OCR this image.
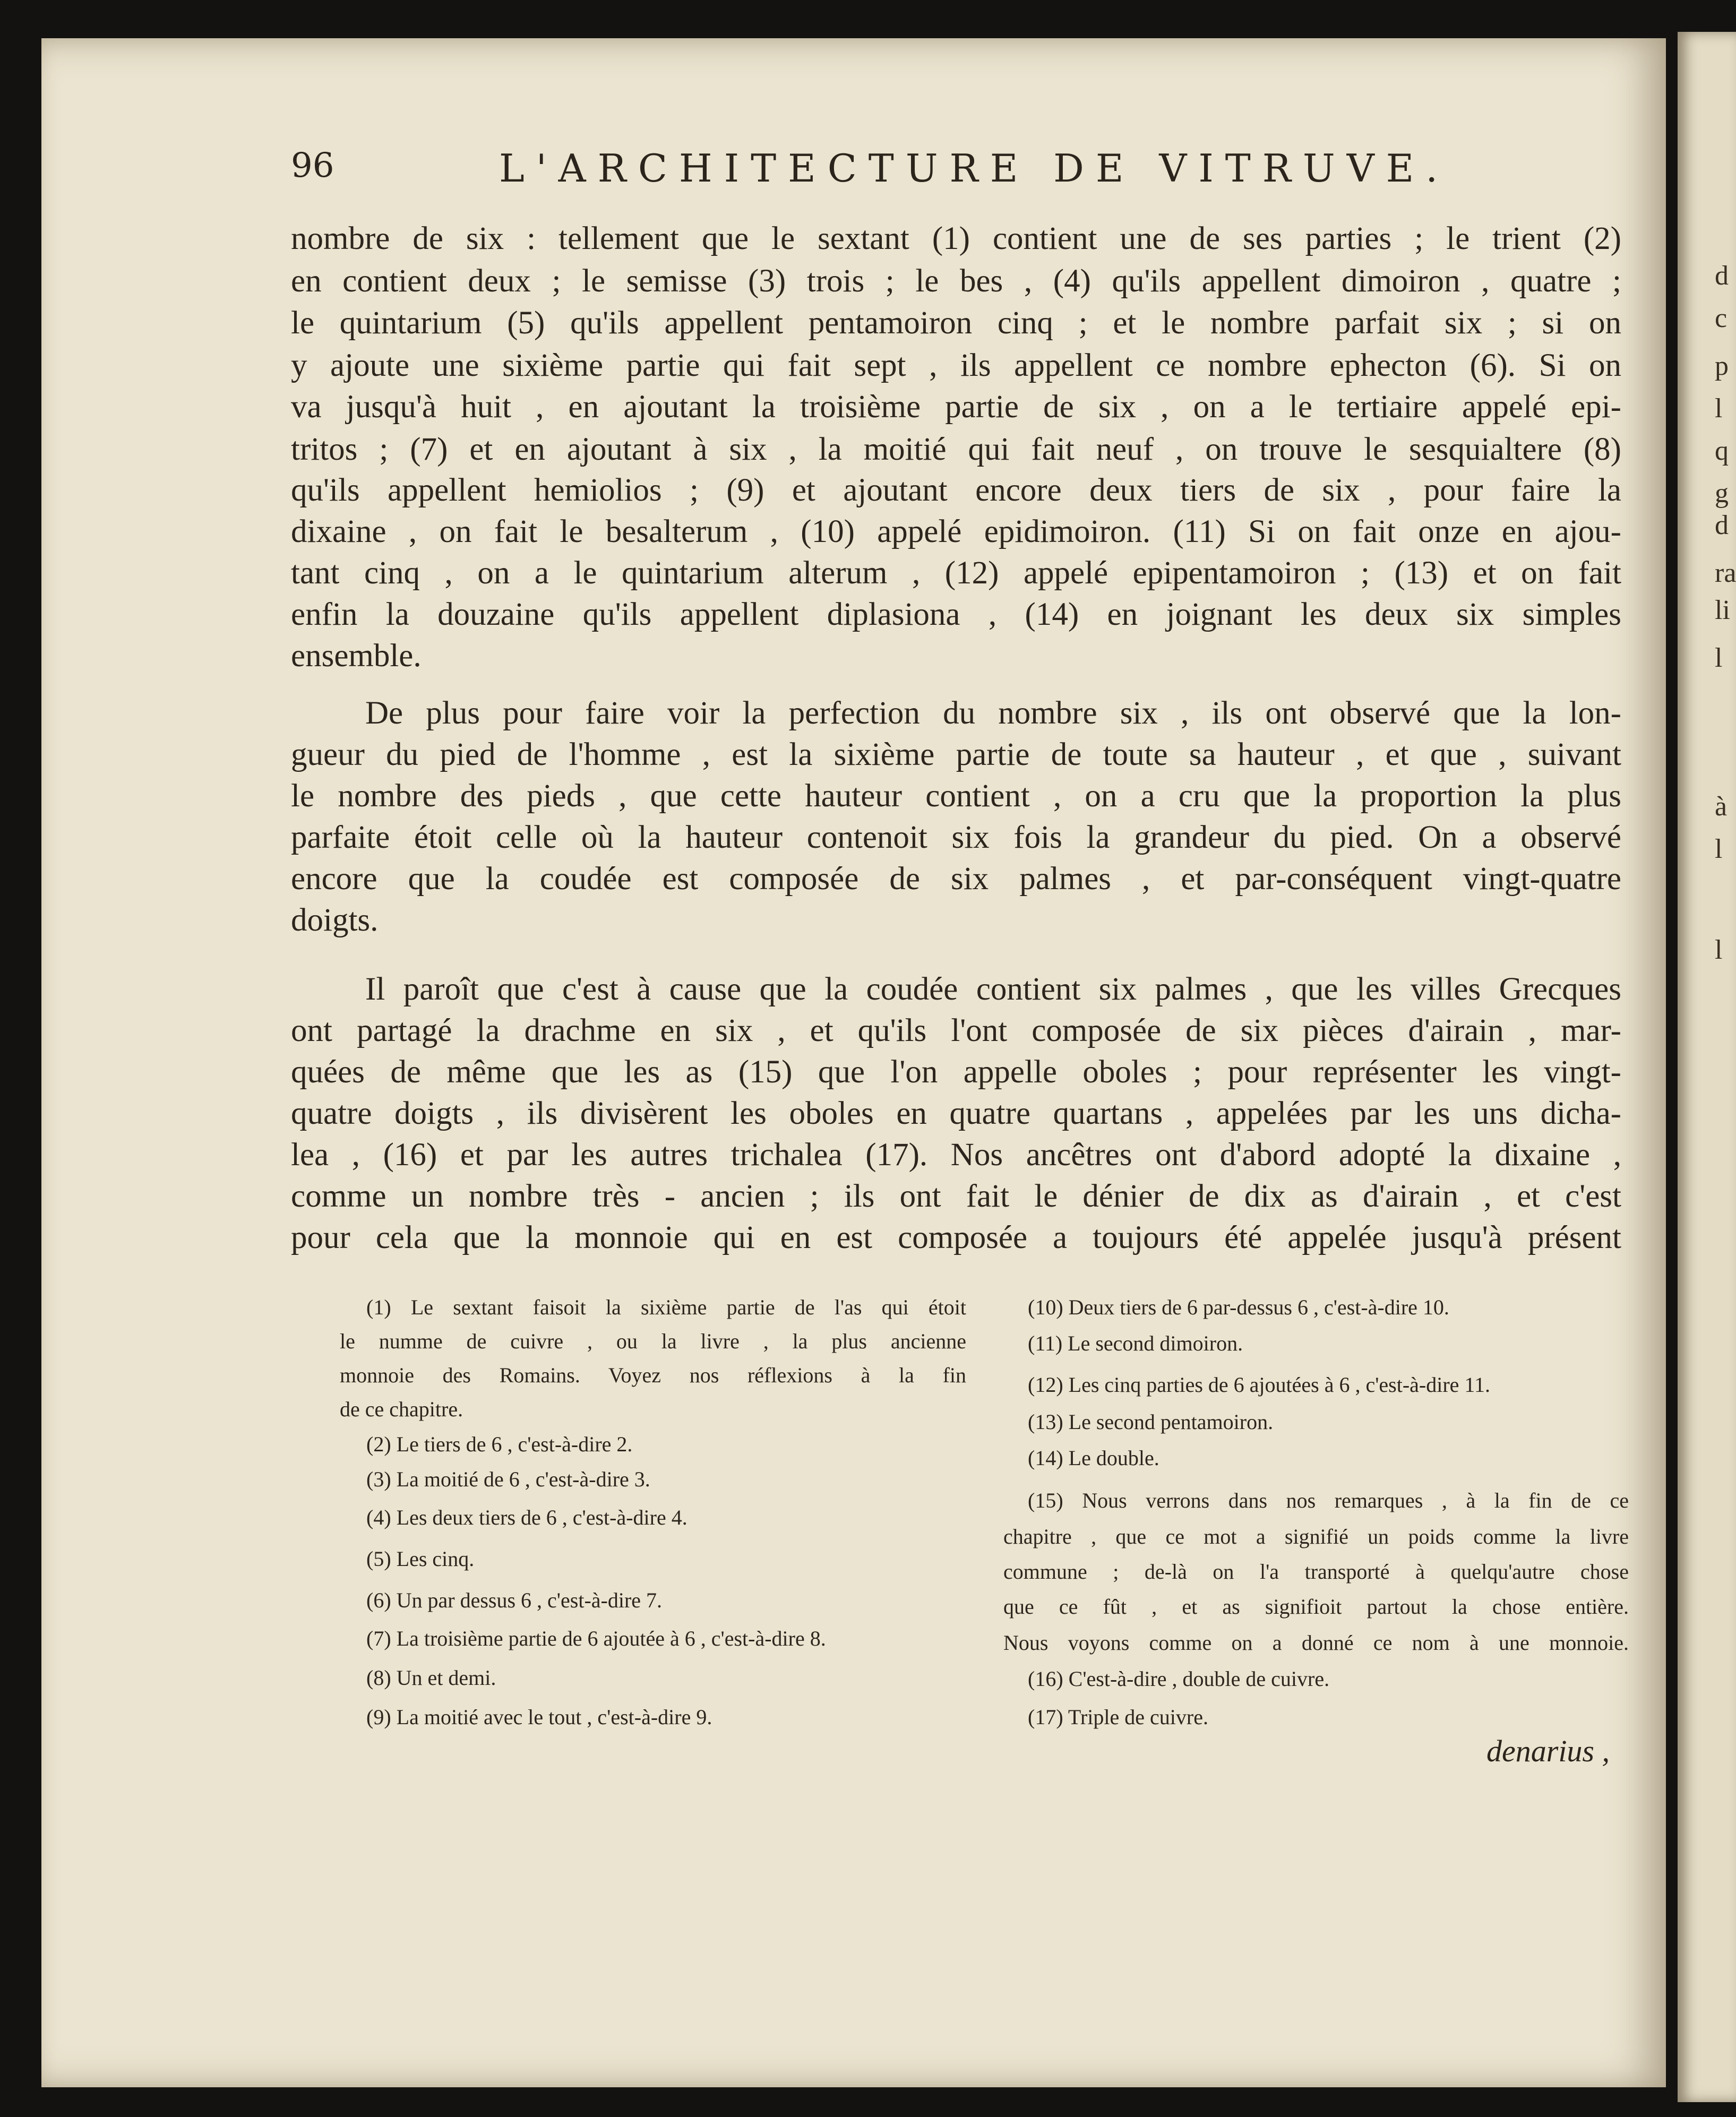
d
c
p
l
q
g
d
ra
li
l
à
l
l
96	L'ARCHITECTURE DE VITRUVE.
nombre de six : tellement que le sextant (1) contient une de ses parties ; le trient (2)
en contient deux ; le semisse (3) trois ; le bes , (4) qu'ils appellent dimoiron , quatre ;
le quintarium (5) qu'ils appellent pentamoiron cinq ; et le nombre parfait six ; si on
y ajoute une sixième partie qui fait sept , ils appellent ce nombre ephecton (6). Si on
va jusqu'à huit , en ajoutant la troisième partie de six , on a le tertiaire appelé epi-
tritos ; (7) et en ajoutant à six , la moitié qui fait neuf , on trouve le sesquialtere (8)
qu'ils appellent hemiolios ; (9) et ajoutant encore deux tiers de six , pour faire la
dixaine , on fait le besalterum , (10) appelé epidimoiron. (11) Si on fait onze en ajou-
tant cinq , on a le quintarium alterum , (12) appelé epipentamoiron ; (13) et on fait
enfin la douzaine qu'ils appellent diplasiona , (14) en joignant les deux six simples
ensemble.
De plus pour faire voir la perfection du nombre six , ils ont observé que la lon-
gueur du pied de l'homme , est la sixième partie de toute sa hauteur , et que , suivant
le nombre des pieds , que cette hauteur contient , on a cru que la proportion la plus
parfaite étoit celle où la hauteur contenoit six fois la grandeur du pied. On a observé
encore que la coudée est composée de six palmes , et par-conséquent vingt-quatre
doigts.
Il paroît que c'est à cause que la coudée contient six palmes , que les villes Grecques
ont partagé la drachme en six , et qu'ils l'ont composée de six pièces d'airain , mar-
quées de même que les as (15) que l'on appelle oboles ; pour représenter les vingt-
quatre doigts , ils divisèrent les oboles en quatre quartans , appelées par les uns dicha-
lea , (16) et par les autres trichalea (17). Nos ancêtres ont d'abord adopté la dixaine ,
comme un nombre très - ancien ; ils ont fait le dénier de dix as d'airain , et c'est
pour cela que la monnoie qui en est composée a toujours été appelée jusqu'à présent
(1) Le sextant faisoit la sixième partie de l'as qui étoit
le numme de cuivre , ou la livre , la plus ancienne
monnoie des Romains. Voyez nos réflexions à la fin
de ce chapitre.
(2) Le tiers de 6 , c'est-à-dire 2.
(3) La moitié de 6 , c'est-à-dire 3.
(4) Les deux tiers de 6 , c'est-à-dire 4.
(5) Les cinq.
(6) Un par dessus 6 , c'est-à-dire 7.
(7) La troisième partie de 6 ajoutée à 6 , c'est-à-dire 8.
(8) Un et demi.
(9) La moitié avec le tout , c'est-à-dire 9.
(10) Deux tiers de 6 par-dessus 6 , c'est-à-dire 10.
(11) Le second dimoiron.
(12) Les cinq parties de 6 ajoutées à 6 , c'est-à-dire 11.
(13) Le second pentamoiron.
(14) Le double.
(15) Nous verrons dans nos remarques , à la fin de ce
chapitre , que ce mot a signifié un poids comme la livre
commune ; de-là on l'a transporté à quelqu'autre chose
que ce fût , et as signifioit partout la chose entière.
Nous voyons comme on a donné ce nom à une monnoie.
(16) C'est-à-dire , double de cuivre.
(17) Triple de cuivre.
denarius ,
